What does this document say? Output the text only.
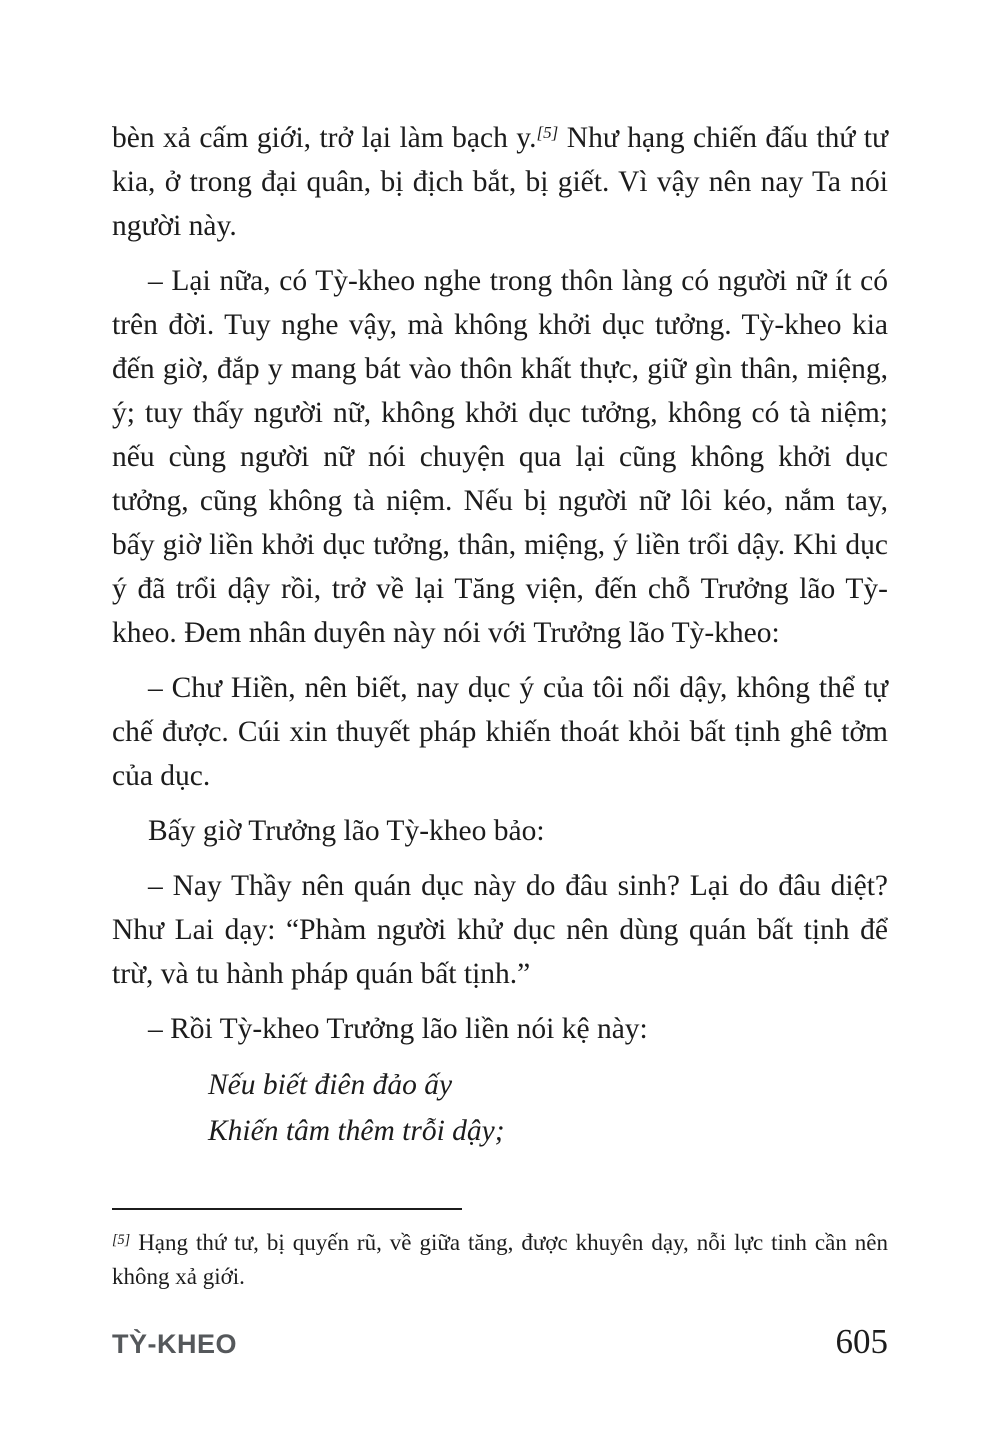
bèn xả cấm giới, trở lại làm bạch y.[5] Như hạng chiến đấu thứ tư kia, ở trong đại quân, bị địch bắt, bị giết. Vì vậy nên nay Ta nói người này.

– Lại nữa, có Tỳ-kheo nghe trong thôn làng có người nữ ít có trên đời. Tuy nghe vậy, mà không khởi dục tưởng. Tỳ-kheo kia đến giờ, đắp y mang bát vào thôn khất thực, giữ gìn thân, miệng, ý; tuy thấy người nữ, không khởi dục tưởng, không có tà niệm; nếu cùng người nữ nói chuyện qua lại cũng không khởi dục tưởng, cũng không tà niệm. Nếu bị người nữ lôi kéo, nắm tay, bấy giờ liền khởi dục tưởng, thân, miệng, ý liền trổi dậy. Khi dục ý đã trổi dậy rồi, trở về lại Tăng viện, đến chỗ Trưởng lão Tỳ-kheo. Đem nhân duyên này nói với Trưởng lão Tỳ-kheo:

– Chư Hiền, nên biết, nay dục ý của tôi nổi dậy, không thể tự chế được. Cúi xin thuyết pháp khiến thoát khỏi bất tịnh ghê tởm của dục.

Bấy giờ Trưởng lão Tỳ-kheo bảo:

– Nay Thầy nên quán dục này do đâu sinh? Lại do đâu diệt? Như Lai dạy: “Phàm người khử dục nên dùng quán bất tịnh để trừ, và tu hành pháp quán bất tịnh.”

– Rồi Tỳ-kheo Trưởng lão liền nói kệ này:

Nếu biết điên đảo ấy
Khiến tâm thêm trỗi dậy;

[5] Hạng thứ tư, bị quyến rũ, về giữa tăng, được khuyên dạy, nỗi lực tinh cần nên không xả giới.

TỲ-KHEO	605
